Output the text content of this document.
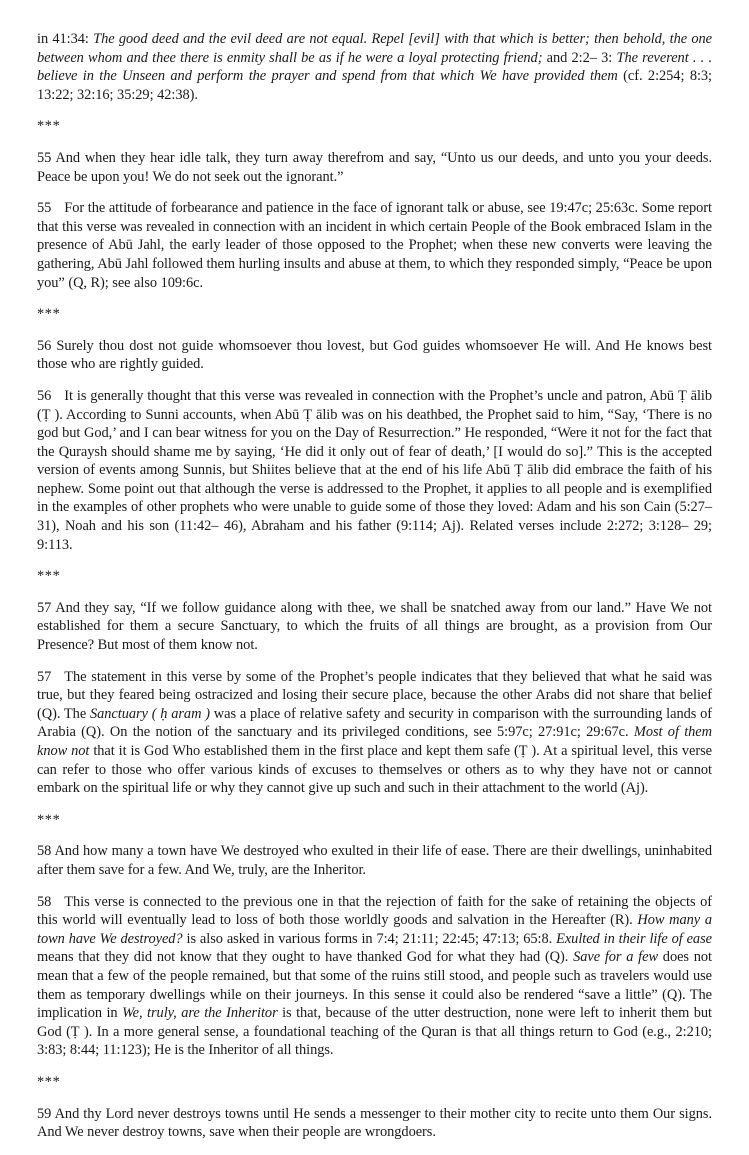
in 41:34: The good deed and the evil deed are not equal. Repel [evil] with that which is better; then behold, the one between whom and thee there is enmity shall be as if he were a loyal protecting friend; and 2:2– 3: The reverent . . . believe in the Unseen and perform the prayer and spend from that which We have provided them (cf. 2:254; 8:3; 13:22; 32:16; 35:29; 42:38).

***

55 And when they hear idle talk, they turn away therefrom and say, “Unto us our deeds, and unto you your deeds. Peace be upon you! We do not seek out the ignorant.”

55 For the attitude of forbearance and patience in the face of ignorant talk or abuse, see 19:47c; 25:63c. Some report that this verse was revealed in connection with an incident in which certain People of the Book embraced Islam in the presence of Abū Jahl, the early leader of those opposed to the Prophet; when these new converts were leaving the gathering, Abū Jahl followed them hurling insults and abuse at them, to which they responded simply, “Peace be upon you” (Q, R); see also 109:6c.

***

56 Surely thou dost not guide whomsoever thou lovest, but God guides whomsoever He will. And He knows best those who are rightly guided.

56 It is generally thought that this verse was revealed in connection with the Prophet’s uncle and patron, Abū Ṭ ālib (Ṭ ). According to Sunni accounts, when Abū Ṭ ālib was on his deathbed, the Prophet said to him, “Say, ‘There is no god but God,’ and I can bear witness for you on the Day of Resurrection.” He responded, “Were it not for the fact that the Quraysh should shame me by saying, ‘He did it only out of fear of death,’ [I would do so].” This is the accepted version of events among Sunnis, but Shiites believe that at the end of his life Abū Ṭ ālib did embrace the faith of his nephew. Some point out that although the verse is addressed to the Prophet, it applies to all people and is exemplified in the examples of other prophets who were unable to guide some of those they loved: Adam and his son Cain (5:27– 31), Noah and his son (11:42– 46), Abraham and his father (9:114; Aj). Related verses include 2:272; 3:128– 29; 9:113.

***

57 And they say, “If we follow guidance along with thee, we shall be snatched away from our land.” Have We not established for them a secure Sanctuary, to which the fruits of all things are brought, as a provision from Our Presence? But most of them know not.

57 The statement in this verse by some of the Prophet’s people indicates that they believed that what he said was true, but they feared being ostracized and losing their secure place, because the other Arabs did not share that belief (Q). The Sanctuary ( ḥ aram ) was a place of relative safety and security in comparison with the surrounding lands of Arabia (Q). On the notion of the sanctuary and its privileged conditions, see 5:97c; 27:91c; 29:67c. Most of them know not that it is God Who established them in the first place and kept them safe (Ṭ ). At a spiritual level, this verse can refer to those who offer various kinds of excuses to themselves or others as to why they have not or cannot embark on the spiritual life or why they cannot give up such and such in their attachment to the world (Aj).

***

58 And how many a town have We destroyed who exulted in their life of ease. There are their dwellings, uninhabited after them save for a few. And We, truly, are the Inheritor.

58 This verse is connected to the previous one in that the rejection of faith for the sake of retaining the objects of this world will eventually lead to loss of both those worldly goods and salvation in the Hereafter (R). How many a town have We destroyed? is also asked in various forms in 7:4; 21:11; 22:45; 47:13; 65:8. Exulted in their life of ease means that they did not know that they ought to have thanked God for what they had (Q). Save for a few does not mean that a few of the people remained, but that some of the ruins still stood, and people such as travelers would use them as temporary dwellings while on their journeys. In this sense it could also be rendered “save a little” (Q). The implication in We, truly, are the Inheritor is that, because of the utter destruction, none were left to inherit them but God (Ṭ ). In a more general sense, a foundational teaching of the Quran is that all things return to God (e.g., 2:210; 3:83; 8:44; 11:123); He is the Inheritor of all things.

***

59 And thy Lord never destroys towns until He sends a messenger to their mother city to recite unto them Our signs. And We never destroy towns, save when their people are wrongdoers.
